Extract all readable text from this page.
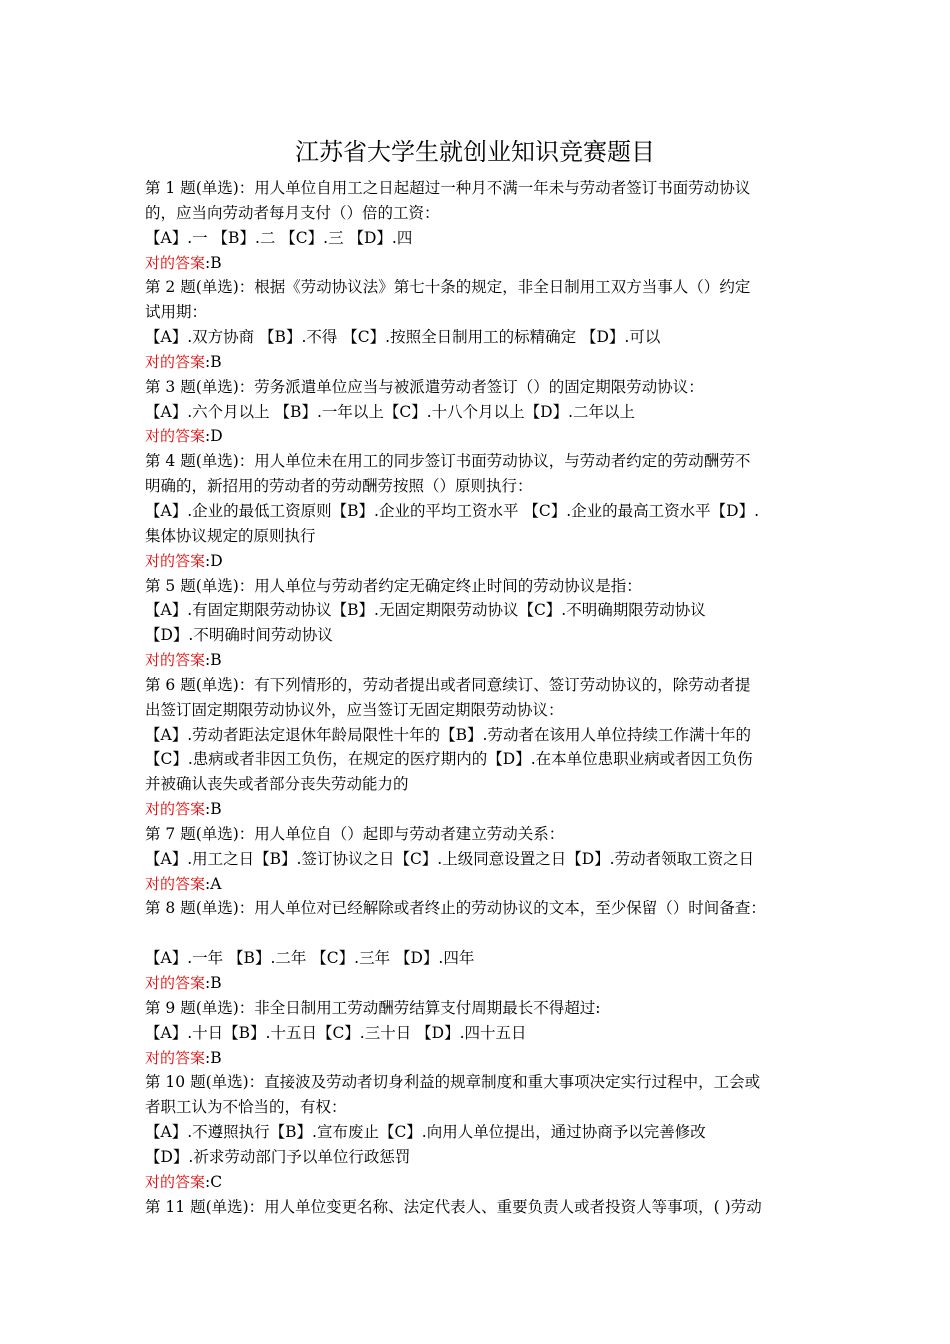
江苏省大学生就创业知识竞赛题目
第 1 题(单选)：用人单位自用工之日起超过一种月不满一年未与劳动者签订书面劳动协议
的，应当向劳动者每月支付（）倍的工资：
【A】.一 【B】.二 【C】.三 【D】.四
对的答案:B
第 2 题(单选)：根据《劳动协议法》第七十条的规定，非全日制用工双方当事人（）约定
试用期：
【A】.双方协商 【B】.不得 【C】.按照全日制用工的标精确定 【D】.可以
对的答案:B
第 3 题(单选)：劳务派遣单位应当与被派遣劳动者签订（）的固定期限劳动协议：
【A】.六个月以上 【B】.一年以上【C】.十八个月以上【D】.二年以上
对的答案:D
第 4 题(单选)：用人单位未在用工的同步签订书面劳动协议，与劳动者约定的劳动酬劳不
明确的，新招用的劳动者的劳动酬劳按照（）原则执行：
【A】.企业的最低工资原则【B】.企业的平均工资水平 【C】.企业的最高工资水平【D】.
集体协议规定的原则执行
对的答案:D
第 5 题(单选)：用人单位与劳动者约定无确定终止时间的劳动协议是指：
【A】.有固定期限劳动协议【B】.无固定期限劳动协议【C】.不明确期限劳动协议
【D】.不明确时间劳动协议
对的答案:B
第 6 题(单选)：有下列情形的，劳动者提出或者同意续订、签订劳动协议的，除劳动者提
出签订固定期限劳动协议外，应当签订无固定期限劳动协议：
【A】.劳动者距法定退休年龄局限性十年的【B】.劳动者在该用人单位持续工作满十年的
【C】.患病或者非因工负伤，在规定的医疗期内的【D】.在本单位患职业病或者因工负伤
并被确认丧失或者部分丧失劳动能力的
对的答案:B
第 7 题(单选)：用人单位自（）起即与劳动者建立劳动关系：
【A】.用工之日【B】.签订协议之日【C】.上级同意设置之日【D】.劳动者领取工资之日
对的答案:A
第 8 题(单选)：用人单位对已经解除或者终止的劳动协议的文本，至少保留（）时间备查：
【A】.一年 【B】.二年 【C】.三年 【D】.四年
对的答案:B
第 9 题(单选)：非全日制用工劳动酬劳结算支付周期最长不得超过:
【A】.十日【B】.十五日【C】.三十日 【D】.四十五日
对的答案:B
第 10 题(单选)：直接波及劳动者切身利益的规章制度和重大事项决定实行过程中，工会或
者职工认为不恰当的，有权：
【A】.不遵照执行【B】.宣布废止【C】.向用人单位提出，通过协商予以完善修改
【D】.祈求劳动部门予以单位行政惩罚
对的答案:C
第 11 题(单选)：用人单位变更名称、法定代表人、重要负责人或者投资人等事项，( )劳动
